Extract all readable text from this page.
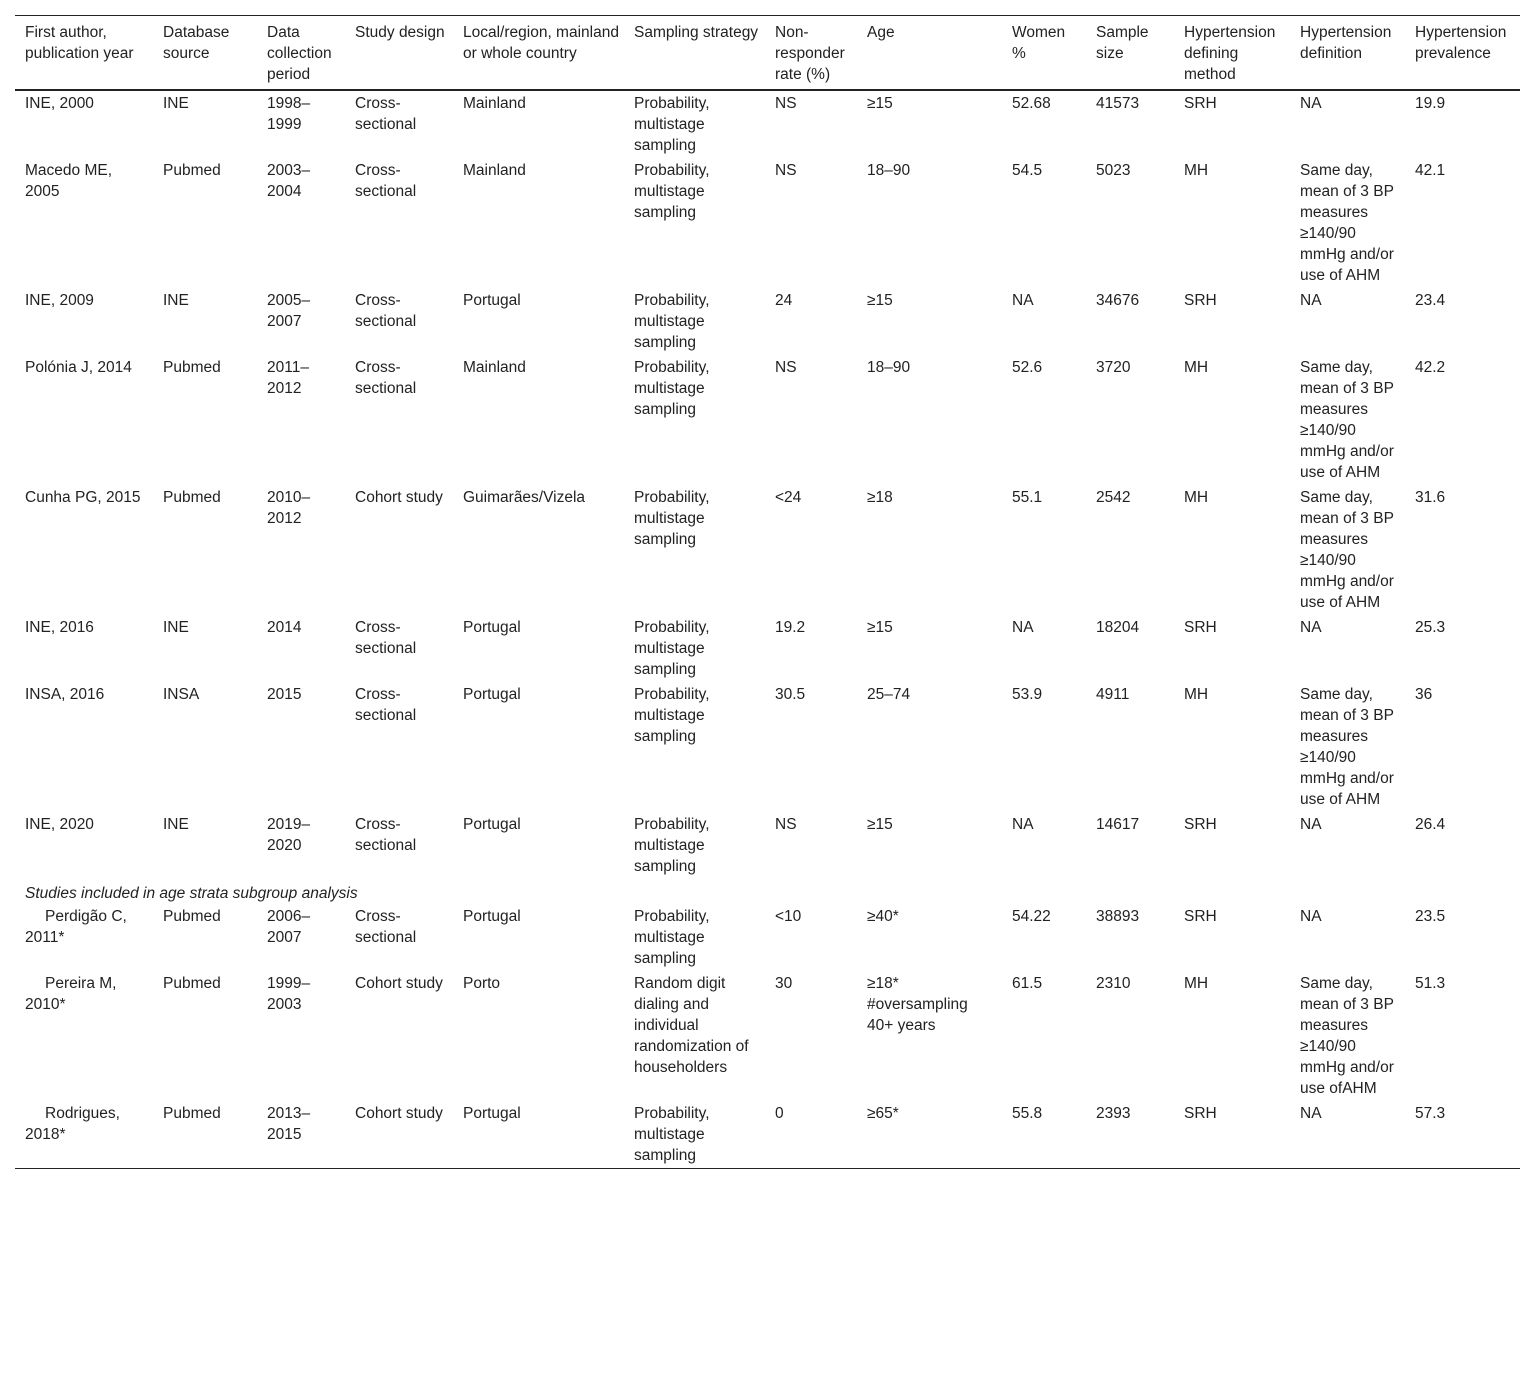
First author, publication year	Database source	Data collection period	Study design	Local/region, mainland or whole country	Sampling strategy	Non-responder rate (%)	Age	Women %	Sample size	Hypertension defining method	Hypertension definition	Hypertension prevalence
INE, 2000	INE	1998–1999	Cross-sectional	Mainland	Probability, multistage sampling	NS	≥15	52.68	41573	SRH	NA	19.9
Macedo ME, 2005	Pubmed	2003–2004	Cross-sectional	Mainland	Probability, multistage sampling	NS	18–90	54.5	5023	MH	Same day, mean of 3 BP measures ≥140/90 mmHg and/or use of AHM	42.1
INE, 2009	INE	2005–2007	Cross-sectional	Portugal	Probability, multistage sampling	24	≥15	NA	34676	SRH	NA	23.4
Polónia J, 2014	Pubmed	2011–2012	Cross-sectional	Mainland	Probability, multistage sampling	NS	18–90	52.6	3720	MH	Same day, mean of 3 BP measures ≥140/90 mmHg and/or use of AHM	42.2
Cunha PG, 2015	Pubmed	2010–2012	Cohort study	Guimarães/Vizela	Probability, multistage sampling	<24	≥18	55.1	2542	MH	Same day, mean of 3 BP measures ≥140/90 mmHg and/or use of AHM	31.6
INE, 2016	INE	2014	Cross-sectional	Portugal	Probability, multistage sampling	19.2	≥15	NA	18204	SRH	NA	25.3
INSA, 2016	INSA	2015	Cross-sectional	Portugal	Probability, multistage sampling	30.5	25–74	53.9	4911	MH	Same day, mean of 3 BP measures ≥140/90 mmHg and/or use of AHM	36
INE, 2020	INE	2019–2020	Cross-sectional	Portugal	Probability, multistage sampling	NS	≥15	NA	14617	SRH	NA	26.4
Studies included in age strata subgroup analysis												
Perdigão C, 2011*	Pubmed	2006–2007	Cross-sectional	Portugal	Probability, multistage sampling	<10	≥40*	54.22	38893	SRH	NA	23.5
Pereira M, 2010*	Pubmed	1999–2003	Cohort study	Porto	Random digit dialing and individual randomization of householders	30	≥18* #oversampling 40+ years	61.5	2310	MH	Same day, mean of 3 BP measures ≥140/90 mmHg and/or use ofAHM	51.3
Rodrigues, 2018*	Pubmed	2013–2015	Cohort study	Portugal	Probability, multistage sampling	0	≥65*	55.8	2393	SRH	NA	57.3
